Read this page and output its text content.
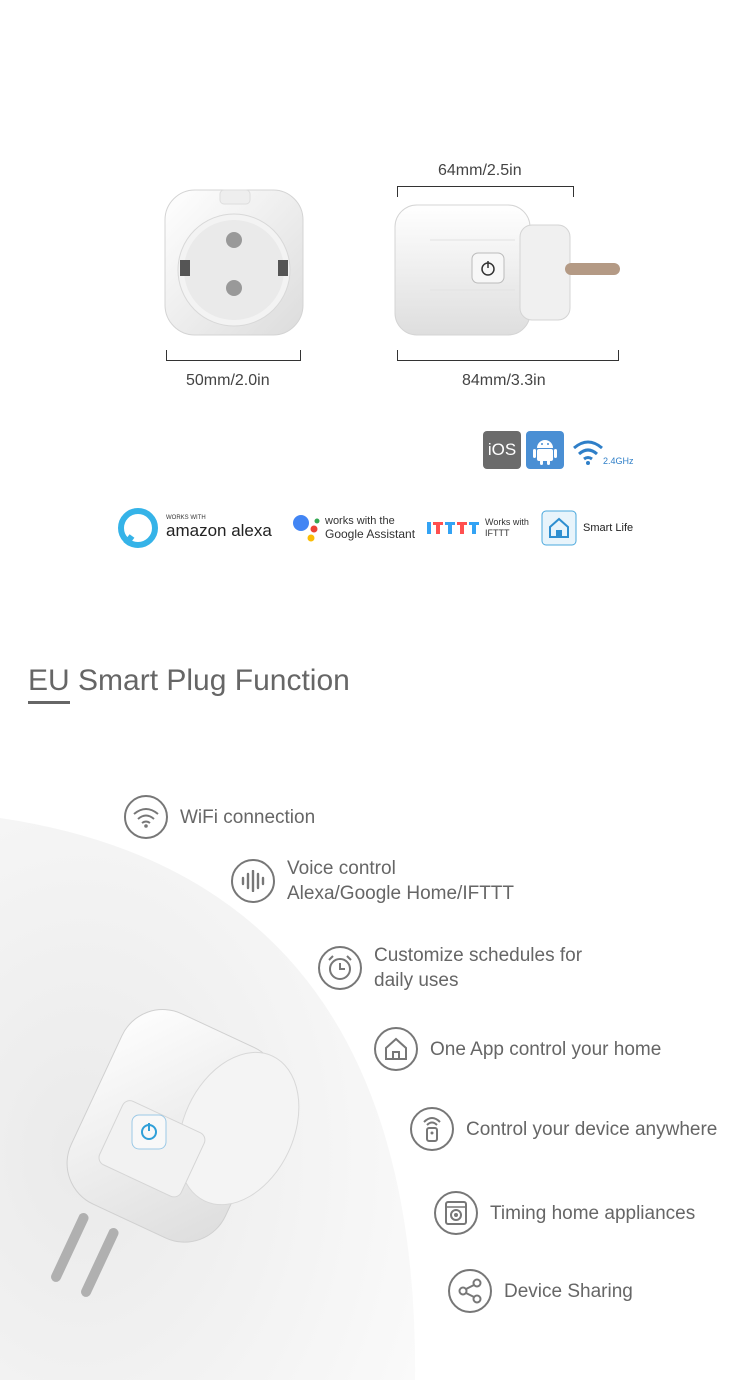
64mm/2.5in
50mm/2.0in	84mm/3.3in
iOS
2.4GHz
WORKS WITH
amazon alexa	works with the
Google Assistant
Works with
IFTTT	Smart Life
EU Smart Plug Function
WiFi connection
Voice control
Alexa/Google Home/IFTTT
Customize schedules for
daily uses
One App control your home
Control your device anywhere
Timing home appliances
Device Sharing
